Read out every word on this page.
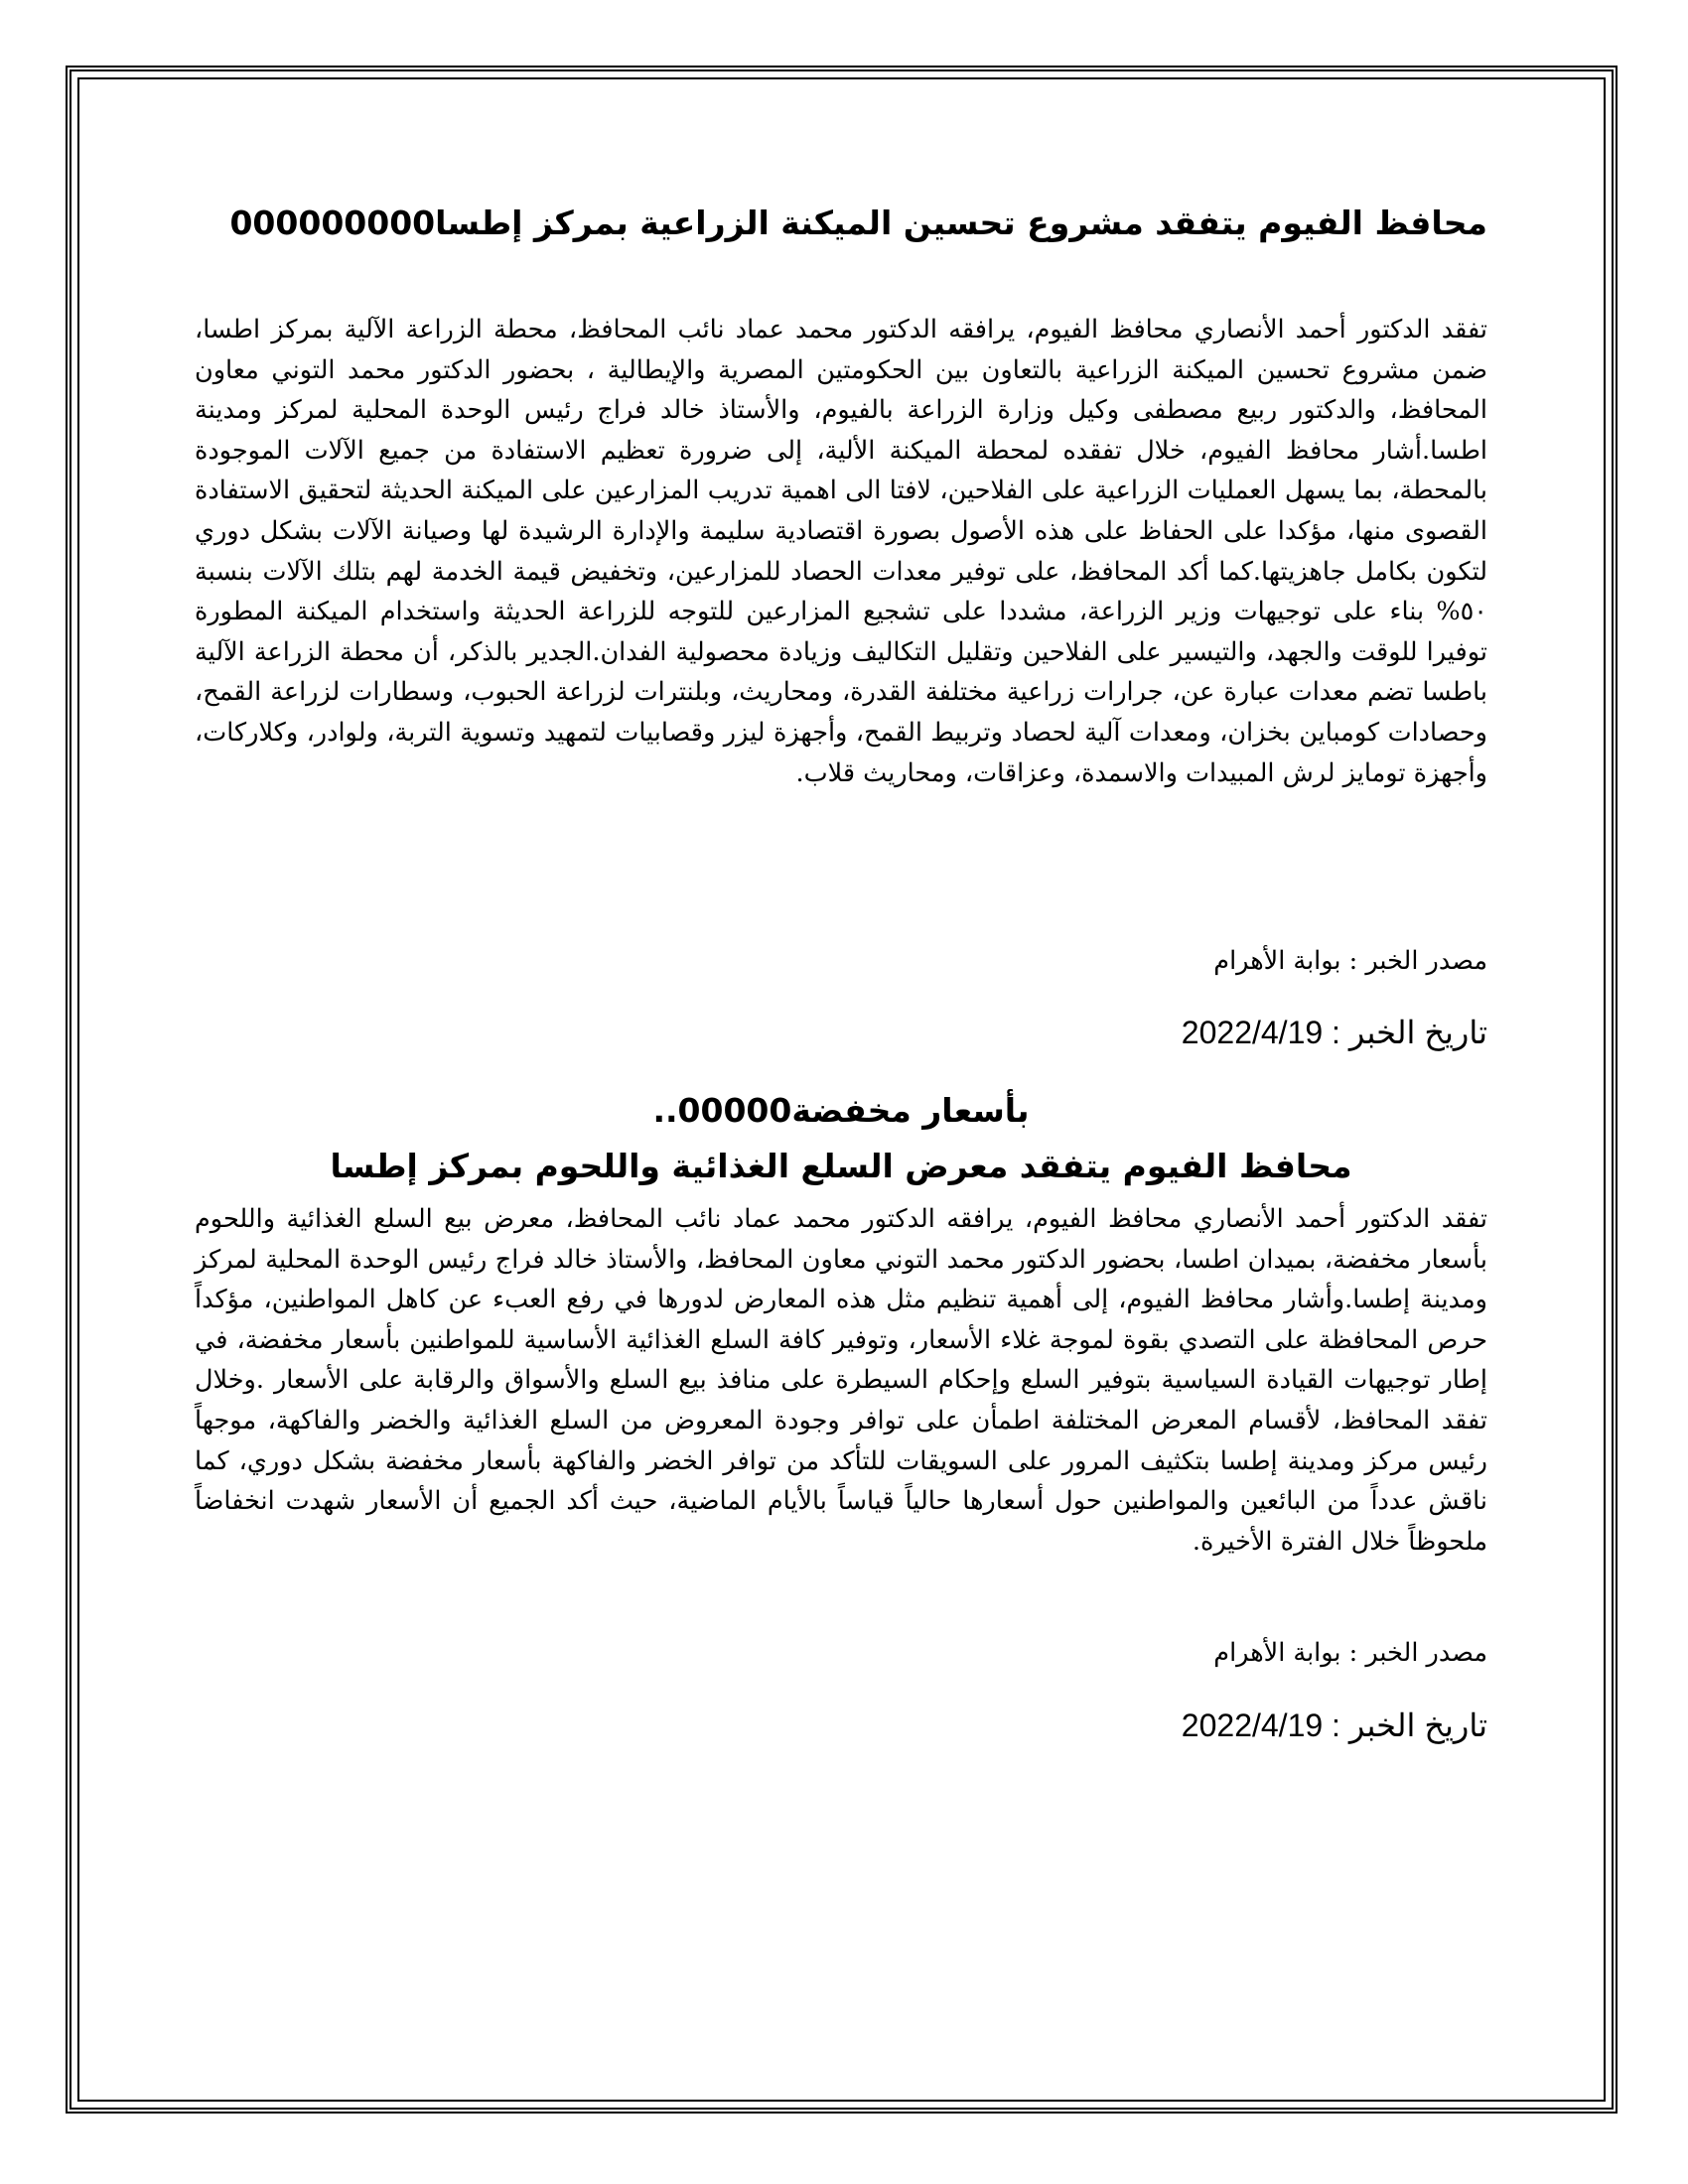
محافظ الفيوم يتفقد مشروع تحسين الميكنة الزراعية بمركز إطسا000000000

تفقد الدكتور أحمد الأنصاري محافظ الفيوم، يرافقه الدكتور محمد عماد نائب المحافظ، محطة الزراعة الآلية بمركز اطسا، ضمن مشروع تحسين الميكنة الزراعية بالتعاون بين الحكومتين المصرية والإيطالية ، بحضور الدكتور محمد التوني معاون المحافظ، والدكتور ربيع مصطفى وكيل وزارة الزراعة بالفيوم، والأستاذ خالد فراج رئيس الوحدة المحلية لمركز ومدينة اطسا.أشار محافظ الفيوم، خلال تفقده لمحطة الميكنة الألية، إلى ضرورة تعظيم الاستفادة من جميع الآلات الموجودة بالمحطة، بما يسهل العمليات الزراعية على الفلاحين، لافتا الى اهمية تدريب المزارعين على الميكنة الحديثة لتحقيق الاستفادة القصوى منها، مؤكدا على الحفاظ على هذه الأصول بصورة اقتصادية سليمة والإدارة الرشيدة لها وصيانة الآلات بشكل دوري لتكون بكامل جاهزيتها.كما أكد المحافظ، على توفير معدات الحصاد للمزارعين، وتخفيض قيمة الخدمة لهم بتلك الآلات بنسبة ٥٠% بناء على توجيهات وزير الزراعة، مشددا على تشجيع المزارعين للتوجه للزراعة الحديثة واستخدام الميكنة المطورة توفيرا للوقت والجهد، والتيسير على الفلاحين وتقليل التكاليف وزيادة محصولية الفدان.الجدير بالذكر، أن محطة الزراعة الآلية باطسا تضم معدات عبارة عن، جرارات زراعية مختلفة القدرة، ومحاريث، وبلنترات لزراعة الحبوب، وسطارات لزراعة القمح، وحصادات كومباين بخزان، ومعدات آلية لحصاد وتربيط القمح، وأجهزة ليزر وقصابيات لتمهيد وتسوية التربة، ولوادر، وكلاركات، وأجهزة تومايز لرش المبيدات والاسمدة، وعزاقات، ومحاريث قلاب.

مصدر الخبر : بوابة الأهرام

تاريخ الخبر : 2022/4/19

بأسعار مخفضة00000..
محافظ الفيوم يتفقد معرض السلع الغذائية واللحوم بمركز إطسا

تفقد الدكتور أحمد الأنصاري محافظ الفيوم، يرافقه الدكتور محمد عماد نائب المحافظ، معرض بيع السلع الغذائية واللحوم بأسعار مخفضة، بميدان اطسا، بحضور الدكتور محمد التوني معاون المحافظ، والأستاذ خالد فراج رئيس الوحدة المحلية لمركز ومدينة إطسا.وأشار محافظ الفيوم، إلى أهمية تنظيم مثل هذه المعارض لدورها في رفع العبء عن كاهل المواطنين، مؤكداً حرص المحافظة على التصدي بقوة لموجة غلاء الأسعار، وتوفير كافة السلع الغذائية الأساسية للمواطنين بأسعار مخفضة، في إطار توجيهات القيادة السياسية بتوفير السلع وإحكام السيطرة على منافذ بيع السلع والأسواق والرقابة على الأسعار .وخلال تفقد المحافظ، لأقسام المعرض المختلفة اطمأن على توافر وجودة المعروض من السلع الغذائية والخضر والفاكهة، موجهاً رئيس مركز ومدينة إطسا بتكثيف المرور على السويقات للتأكد من توافر الخضر والفاكهة بأسعار مخفضة بشكل دوري، كما ناقش عدداً من البائعين والمواطنين حول أسعارها حالياً قياساً بالأيام الماضية، حيث أكد الجميع أن الأسعار شهدت انخفاضاً ملحوظاً خلال الفترة الأخيرة.

مصدر الخبر : بوابة الأهرام

تاريخ الخبر : 2022/4/19
